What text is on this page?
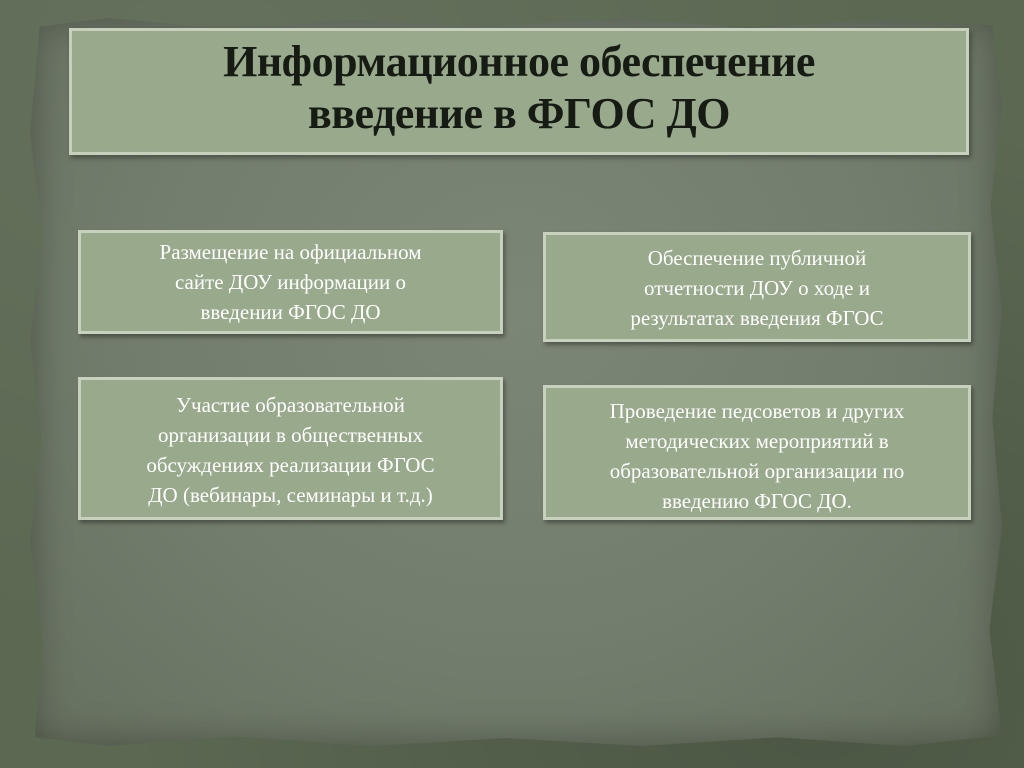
Информационное обеспечение
введение в ФГОС ДО
Размещение на официальном
сайте ДОУ информации о
введении ФГОС ДО
Обеспечение публичной
отчетности ДОУ о ходе и
результатах введения ФГОС
Участие образовательной
организации в общественных
обсуждениях реализации ФГОС
ДО (вебинары, семинары и т.д.)
Проведение педсоветов и других
методических мероприятий в
образовательной организации по
введению ФГОС ДО.
